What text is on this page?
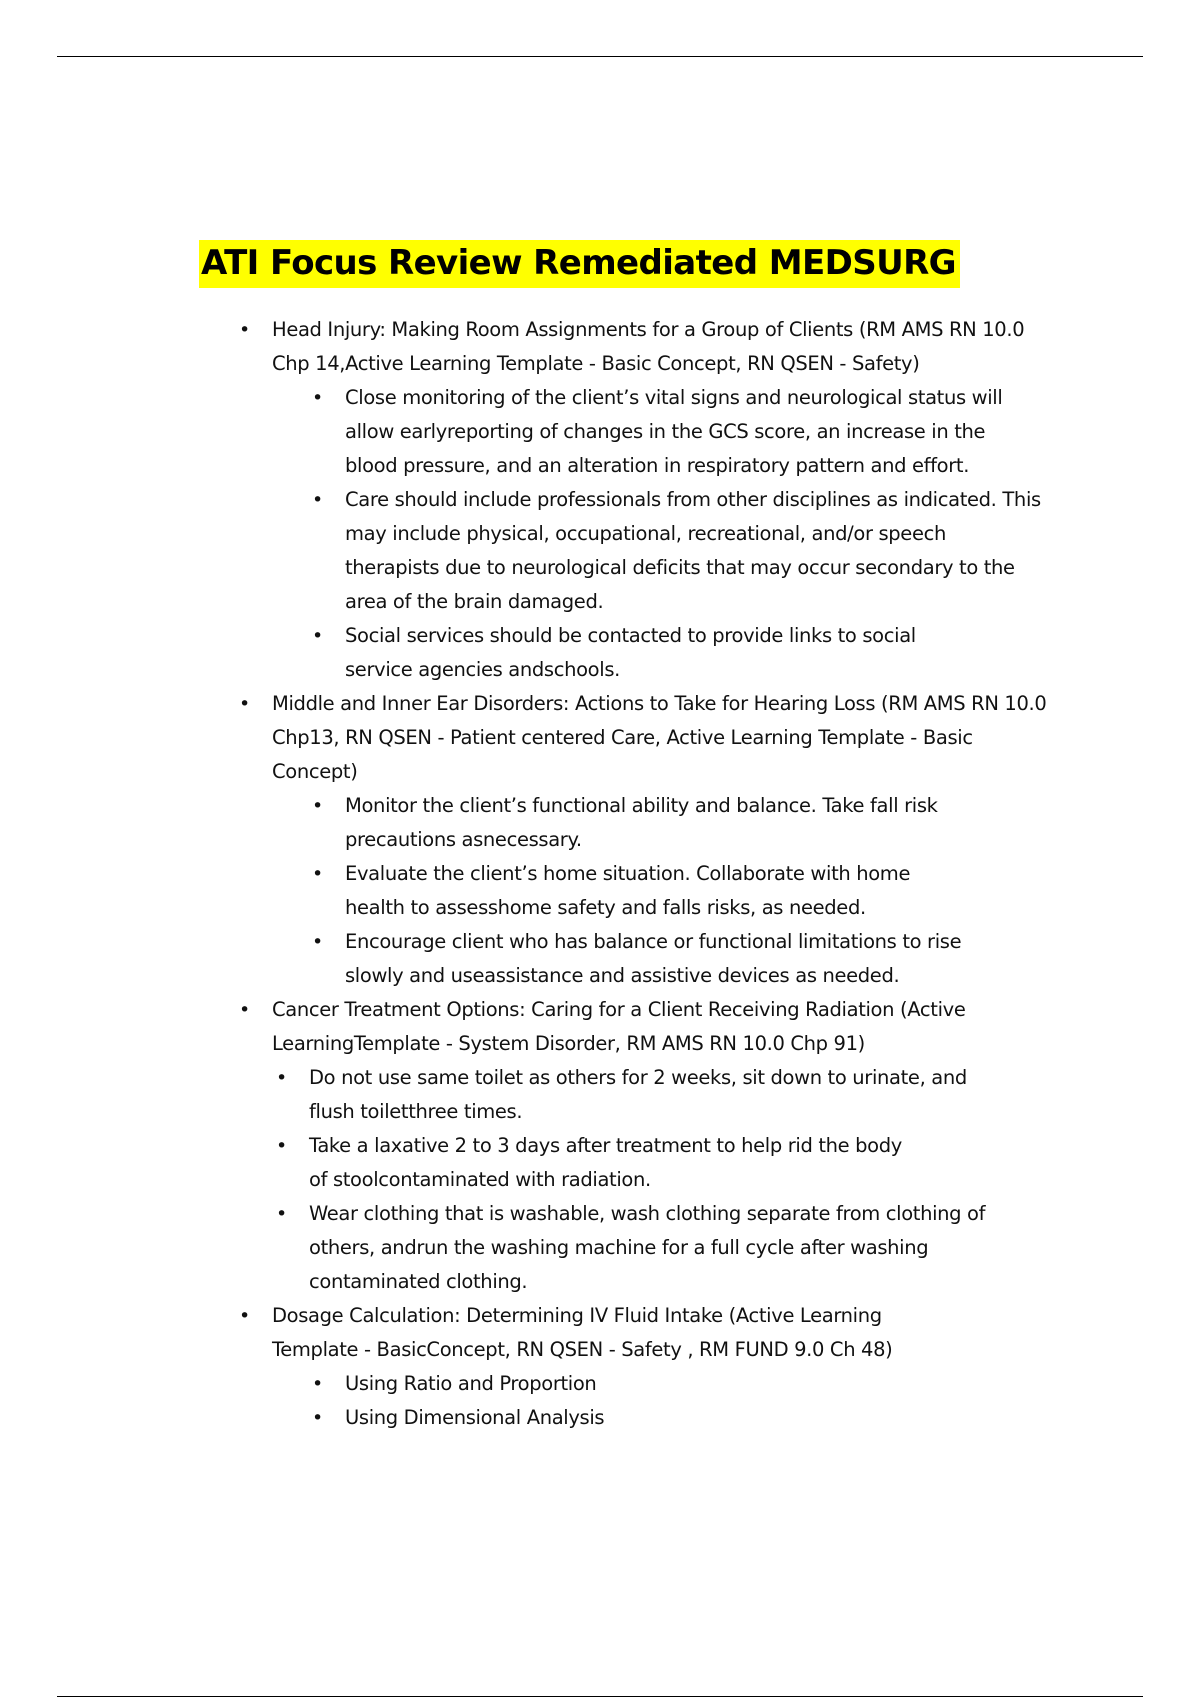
ATI Focus Review Remediated MEDSURG
• Head Injury: Making Room Assignments for a Group of Clients (RM AMS RN 10.0 Chp 14,Active Learning Template - Basic Concept, RN QSEN - Safety)
• Close monitoring of the client’s vital signs and neurological status will allow earlyreporting of changes in the GCS score, an increase in the blood pressure, and an alteration in respiratory pattern and effort.
• Care should include professionals from other disciplines as indicated. This may include physical, occupational, recreational, and/or speech therapists due to neurological deficits that may occur secondary to the area of the brain damaged.
• Social services should be contacted to provide links to social service agencies andschools.
• Middle and Inner Ear Disorders: Actions to Take for Hearing Loss (RM AMS RN 10.0 Chp13, RN QSEN - Patient centered Care, Active Learning Template - Basic Concept)
• Monitor the client’s functional ability and balance. Take fall risk precautions asnecessary.
• Evaluate the client’s home situation. Collaborate with home health to assesshome safety and falls risks, as needed.
• Encourage client who has balance or functional limitations to rise slowly and useassistance and assistive devices as needed.
• Cancer Treatment Options: Caring for a Client Receiving Radiation (Active LearningTemplate - System Disorder, RM AMS RN 10.0 Chp 91)
• Do not use same toilet as others for 2 weeks, sit down to urinate, and flush toiletthree times.
• Take a laxative 2 to 3 days after treatment to help rid the body of stoolcontaminated with radiation.
• Wear clothing that is washable, wash clothing separate from clothing of others, andrun the washing machine for a full cycle after washing contaminated clothing.
• Dosage Calculation: Determining IV Fluid Intake (Active Learning Template - BasicConcept, RN QSEN - Safety , RM FUND 9.0 Ch 48)
• Using Ratio and Proportion
• Using Dimensional Analysis
